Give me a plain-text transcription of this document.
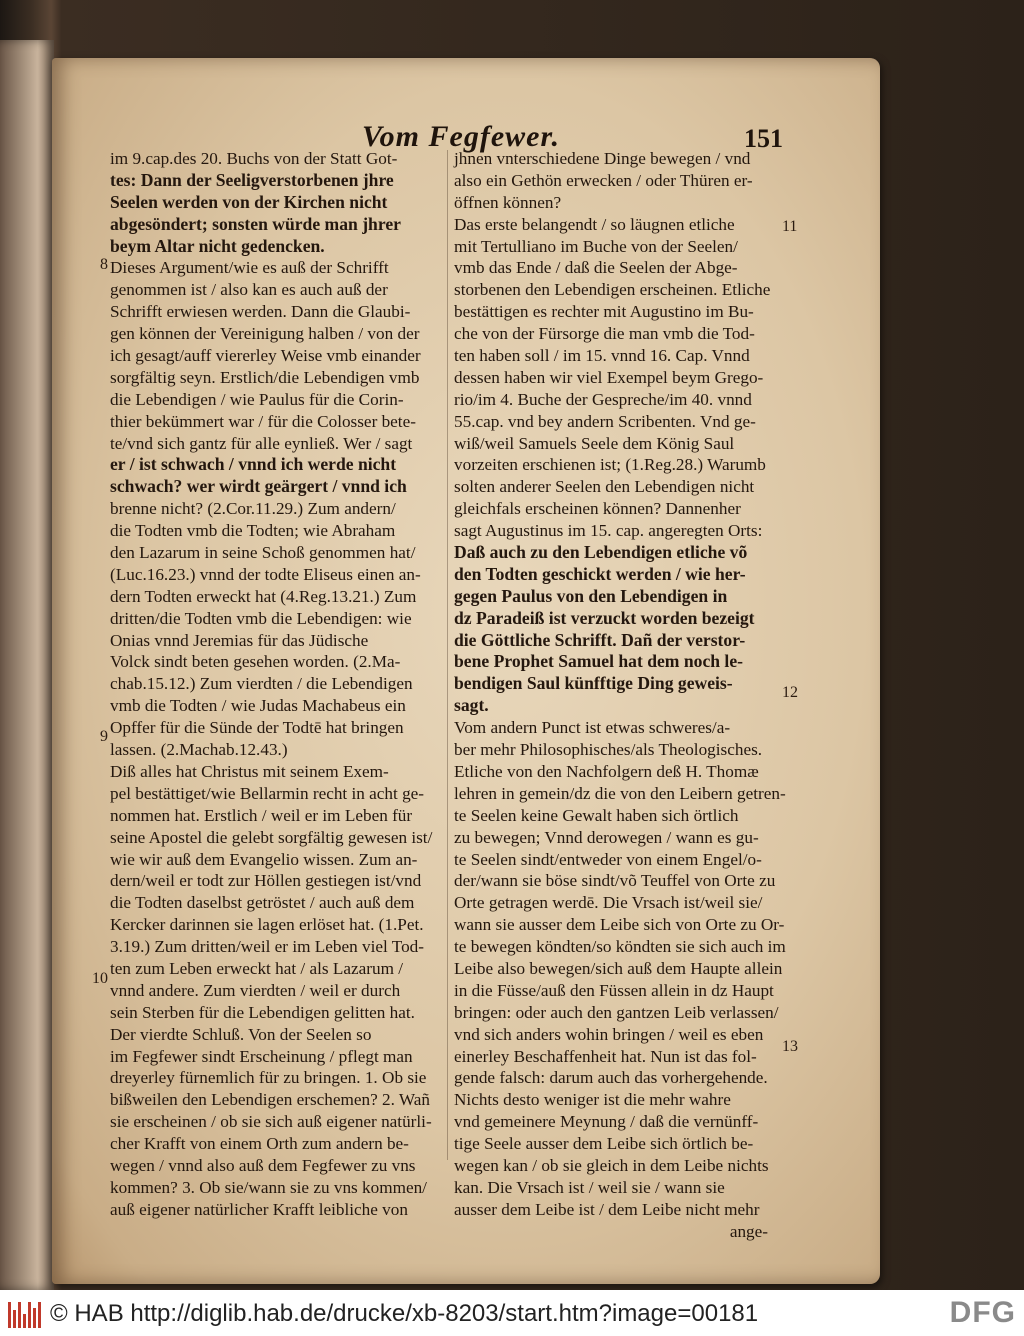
Vom Fegfewer.	151
im 9.cap.des 20. Buchs von der Statt Got-
tes: Dann der Seeligverstorbenen jhre
Seelen werden von der Kirchen nicht
abgesöndert; sonsten würde man jhrer
beym Altar nicht gedencken.
Dieses Argument/wie es auß der Schrifft
genommen ist / also kan es auch auß der
Schrifft erwiesen werden. Dann die Glaubi-
gen können der Vereinigung halben / von der
ich gesagt/auff viererley Weise vmb einander
sorgfältig seyn. Erstlich/die Lebendigen vmb
die Lebendigen / wie Paulus für die Corin-
thier bekümmert war / für die Colosser bete-
te/vnd sich gantz für alle eynließ. Wer / sagt
er / ist schwach / vnnd ich werde nicht
schwach? wer wirdt geärgert / vnnd ich
brenne nicht? (2.Cor.11.29.) Zum andern/
die Todten vmb die Todten; wie Abraham
den Lazarum in seine Schoß genommen hat/
(Luc.16.23.) vnnd der todte Eliseus einen an-
dern Todten erweckt hat (4.Reg.13.21.) Zum
dritten/die Todten vmb die Lebendigen: wie
Onias vnnd Jeremias für das Jüdische
Volck sindt beten gesehen worden. (2.Ma-
chab.15.12.) Zum vierdten / die Lebendigen
vmb die Todten / wie Judas Machabeus ein
Opffer für die Sünde der Todtē hat bringen
lassen. (2.Machab.12.43.)
Diß alles hat Christus mit seinem Exem-
pel bestättiget/wie Bellarmin recht in acht ge-
nommen hat. Erstlich / weil er im Leben für
seine Apostel die gelebt sorgfältig gewesen ist/
wie wir auß dem Evangelio wissen. Zum an-
dern/weil er todt zur Höllen gestiegen ist/vnd
die Todten daselbst getröstet / auch auß dem
Kercker darinnen sie lagen erlöset hat. (1.Pet.
3.19.) Zum dritten/weil er im Leben viel Tod-
ten zum Leben erweckt hat / als Lazarum /
vnnd andere. Zum vierdten / weil er durch
sein Sterben für die Lebendigen gelitten hat.
Der vierdte Schluß. Von der Seelen so
im Fegfewer sindt Erscheinung / pflegt man
dreyerley fürnemlich für zu bringen. 1. Ob sie
bißweilen den Lebendigen erschemen? 2. Wañ
sie erscheinen / ob sie sich auß eigener natürli-
cher Krafft von einem Orth zum andern be-
wegen / vnnd also auß dem Fegfewer zu vns
kommen? 3. Ob sie/wann sie zu vns kommen/
auß eigener natürlicher Krafft leibliche von
jhnen vnterschiedene Dinge bewegen / vnd
also ein Gethön erwecken / oder Thüren er-
öffnen können?
Das erste belangendt / so läugnen etliche
mit Tertulliano im Buche von der Seelen/
vmb das Ende / daß die Seelen der Abge-
storbenen den Lebendigen erscheinen. Etliche
bestättigen es rechter mit Augustino im Bu-
che von der Fürsorge die man vmb die Tod-
ten haben soll / im 15. vnnd 16. Cap. Vnnd
dessen haben wir viel Exempel beym Grego-
rio/im 4. Buche der Gespreche/im 40. vnnd
55.cap. vnd bey andern Scribenten. Vnd ge-
wiß/weil Samuels Seele dem König Saul
vorzeiten erschienen ist; (1.Reg.28.) Warumb
solten anderer Seelen den Lebendigen nicht
gleichfals erscheinen können? Dannenher
sagt Augustinus im 15. cap. angeregten Orts:
Daß auch zu den Lebendigen etliche võ
den Todten geschickt werden / wie her-
gegen Paulus von den Lebendigen in
dz Paradeiß ist verzuckt worden bezeigt
die Göttliche Schrifft. Dañ der verstor-
bene Prophet Samuel hat dem noch le-
bendigen Saul künfftige Ding geweis-
sagt.
Vom andern Punct ist etwas schweres/a-
ber mehr Philosophisches/als Theologisches.
Etliche von den Nachfolgern deß H. Thomæ
lehren in gemein/dz die von den Leibern getren-
te Seelen keine Gewalt haben sich örtlich
zu bewegen; Vnnd derowegen / wann es gu-
te Seelen sindt/entweder von einem Engel/o-
der/wann sie böse sindt/võ Teuffel von Orte zu
Orte getragen werdē. Die Vrsach ist/weil sie/
wann sie ausser dem Leibe sich von Orte zu Or-
te bewegen köndten/so köndten sie sich auch im
Leibe also bewegen/sich auß dem Haupte allein
in die Füsse/auß den Füssen allein in dz Haupt
bringen: oder auch den gantzen Leib verlassen/
vnd sich anders wohin bringen / weil es eben
einerley Beschaffenheit hat. Nun ist das fol-
gende falsch: darum auch das vorhergehende.
Nichts desto weniger ist die mehr wahre
vnd gemeinere Meynung / daß die vernünff-
tige Seele ausser dem Leibe sich örtlich be-
wegen kan / ob sie gleich in dem Leibe nichts
kan. Die Vrsach ist / weil sie / wann sie
ausser dem Leibe ist / dem Leibe nicht mehr
ange-
8
9
10
11
12
13
© HAB http://diglib.hab.de/drucke/xb-8203/start.htm?image=00181	DFG
